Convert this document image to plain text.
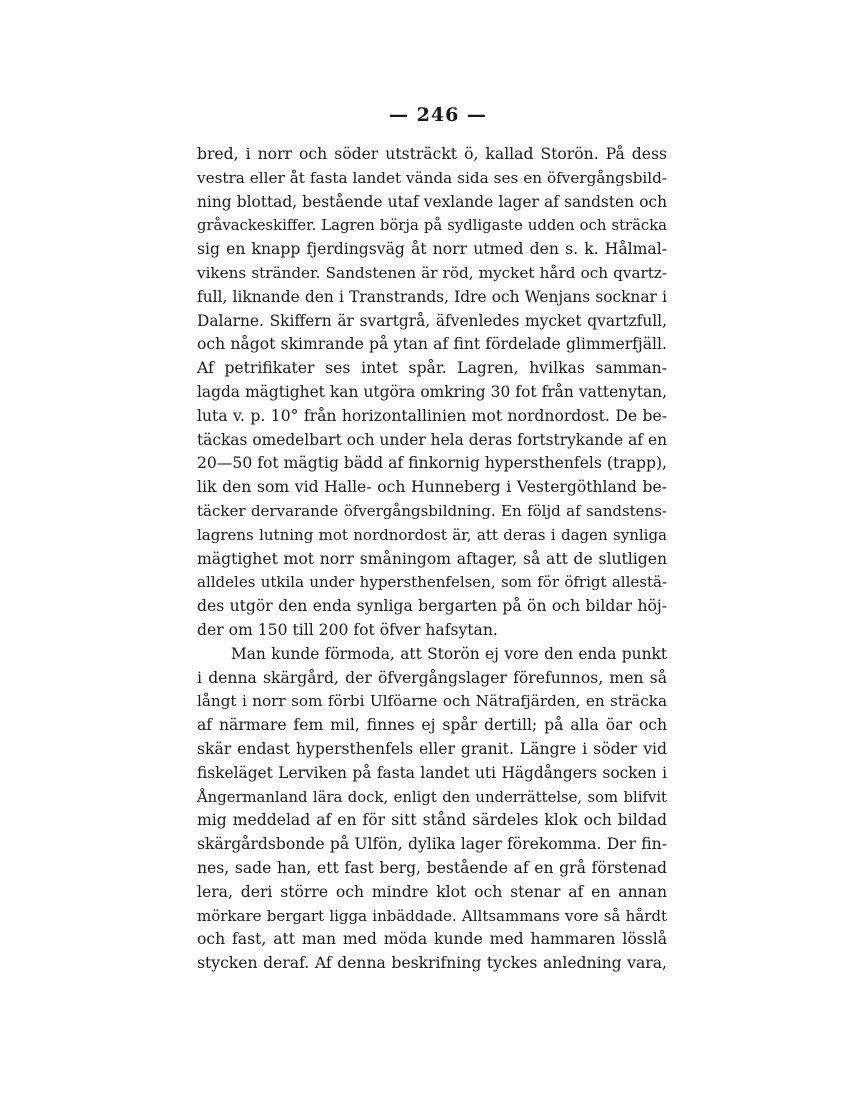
— 246 —
bred, i norr och söder utsträckt ö, kallad Storön. På dess
vestra eller åt fasta landet vända sida ses en öfvergångsbild-
ning blottad, bestående utaf vexlande lager af sandsten och
gråvackeskiffer. Lagren börja på sydligaste udden och sträcka
sig en knapp fjerdingsväg åt norr utmed den s. k. Hålmal-
vikens stränder. Sandstenen är röd, mycket hård och qvartz-
full, liknande den i Transtrands, Idre och Wenjans socknar i
Dalarne. Skiffern är svartgrå, äfvenledes mycket qvartzfull,
och något skimrande på ytan af fint fördelade glimmerfjäll.
Af petrifikater ses intet spår. Lagren, hvilkas samman-
lagda mägtighet kan utgöra omkring 30 fot från vattenytan,
luta v. p. 10° från horizontallinien mot nordnordost. De be-
täckas omedelbart och under hela deras fortstrykande af en
20—50 fot mägtig bädd af finkornig hypersthenfels (trapp),
lik den som vid Halle- och Hunneberg i Vestergöthland be-
täcker dervarande öfvergångsbildning. En följd af sandstens-
lagrens lutning mot nordnordost är, att deras i dagen synliga
mägtighet mot norr småningom aftager, så att de slutligen
alldeles utkila under hypersthenfelsen, som för öfrigt allestä-
des utgör den enda synliga bergarten på ön och bildar höj-
der om 150 till 200 fot öfver hafsytan.
Man kunde förmoda, att Storön ej vore den enda punkt
i denna skärgård, der öfvergångslager förefunnos, men så
långt i norr som förbi Ulföarne och Nätrafjärden, en sträcka
af närmare fem mil, finnes ej spår dertill; på alla öar och
skär endast hypersthenfels eller granit. Längre i söder vid
fiskeläget Lerviken på fasta landet uti Hägdångers socken i
Ångermanland lära dock, enligt den underrättelse, som blifvit
mig meddelad af en för sitt stånd särdeles klok och bildad
skärgårdsbonde på Ulfön, dylika lager förekomma. Der fin-
nes, sade han, ett fast berg, bestående af en grå förstenad
lera, deri större och mindre klot och stenar af en annan
mörkare bergart ligga inbäddade. Alltsammans vore så hårdt
och fast, att man med möda kunde med hammaren lösslå
stycken deraf. Af denna beskrifning tyckes anledning vara,
